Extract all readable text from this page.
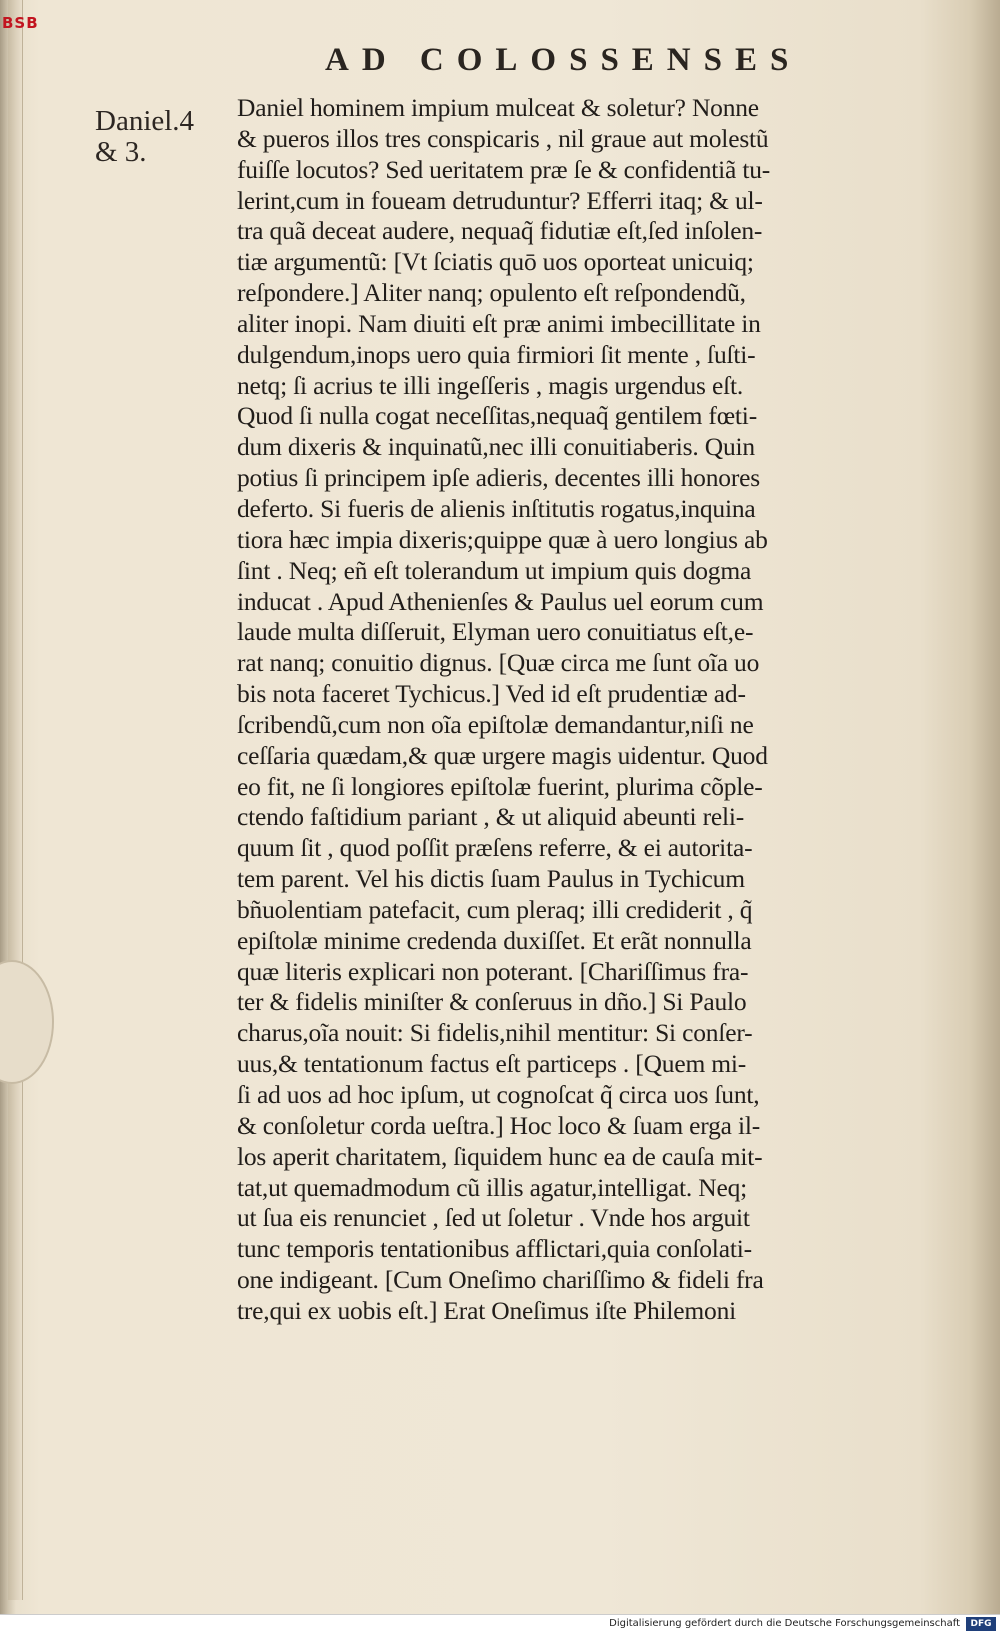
BSB
AD COLOSSENSES
Daniel.4
& 3.
Daniel hominem impium mulceat & soletur? Nonne
& pueros illos tres conspicaris , nil graue aut molestũ
fuiſſe locutos? Sed ueritatem præ ſe & confidentiã tu-
lerint,cum in foueam detruduntur? Efferri itaq; & ul-
tra quã deceat audere, nequaq̃ fidutiæ eſt,ſed inſolen-
tiæ argumentũ: [Vt ſciatis quō uos oporteat unicuiq;
reſpondere.] Aliter nanq; opulento eſt reſpondendũ,
aliter inopi. Nam diuiti eſt præ animi imbecillitate in
dulgendum,inops uero quia firmiori ſit mente , ſuſti-
netq; ſi acrius te illi ingeſſeris , magis urgendus eſt.
Quod ſi nulla cogat neceſſitas,nequaq̃ gentilem fœti-
dum dixeris & inquinatũ,nec illi conuitiaberis. Quin
potius ſi principem ipſe adieris, decentes illi honores
deferto. Si fueris de alienis inſtitutis rogatus,inquina
tiora hæc impia dixeris;quippe quæ à uero longius ab
ſint . Neq; eñ eſt tolerandum ut impium quis dogma
inducat . Apud Athenienſes & Paulus uel eorum cum
laude multa diſſeruit, Elyman uero conuitiatus eſt,e-
rat nanq; conuitio dignus. [Quæ circa me ſunt oĩa uo
bis nota faceret Tychicus.] Ved id eſt prudentiæ ad-
ſcribendũ,cum non oĩa epiſtolæ demandantur,niſi ne
ceſſaria quædam,& quæ urgere magis uidentur. Quod
eo fit, ne ſi longiores epiſtolæ fuerint, plurima cõple-
ctendo faſtidium pariant , & ut aliquid abeunti reli-
quum ſit , quod poſſit præſens referre, & ei autorita-
tem parent. Vel his dictis ſuam Paulus in Tychicum
bñuolentiam patefacit, cum pleraq; illi crediderit , q̃
epiſtolæ minime credenda duxiſſet. Et erãt nonnulla
quæ literis explicari non poterant. [Chariſſimus fra-
ter & fidelis miniſter & conſeruus in dño.] Si Paulo
charus,oĩa nouit: Si fidelis,nihil mentitur: Si conſer-
uus,& tentationum factus eſt particeps . [Quem mi-
ſi ad uos ad hoc ipſum, ut cognoſcat q̃ circa uos ſunt,
& conſoletur corda ueſtra.] Hoc loco & ſuam erga il-
los aperit charitatem, ſiquidem hunc ea de cauſa mit-
tat,ut quemadmodum cũ illis agatur,intelligat. Neq;
ut ſua eis renunciet , ſed ut ſoletur . Vnde hos arguit
tunc temporis tentationibus afflictari,quia conſolati-
one indigeant. [Cum Oneſimo chariſſimo & fideli fra
tre,qui ex uobis eſt.] Erat Oneſimus iſte Philemoni
Digitalisierung gefördert durch die Deutsche Forschungsgemeinschaft	DFG
